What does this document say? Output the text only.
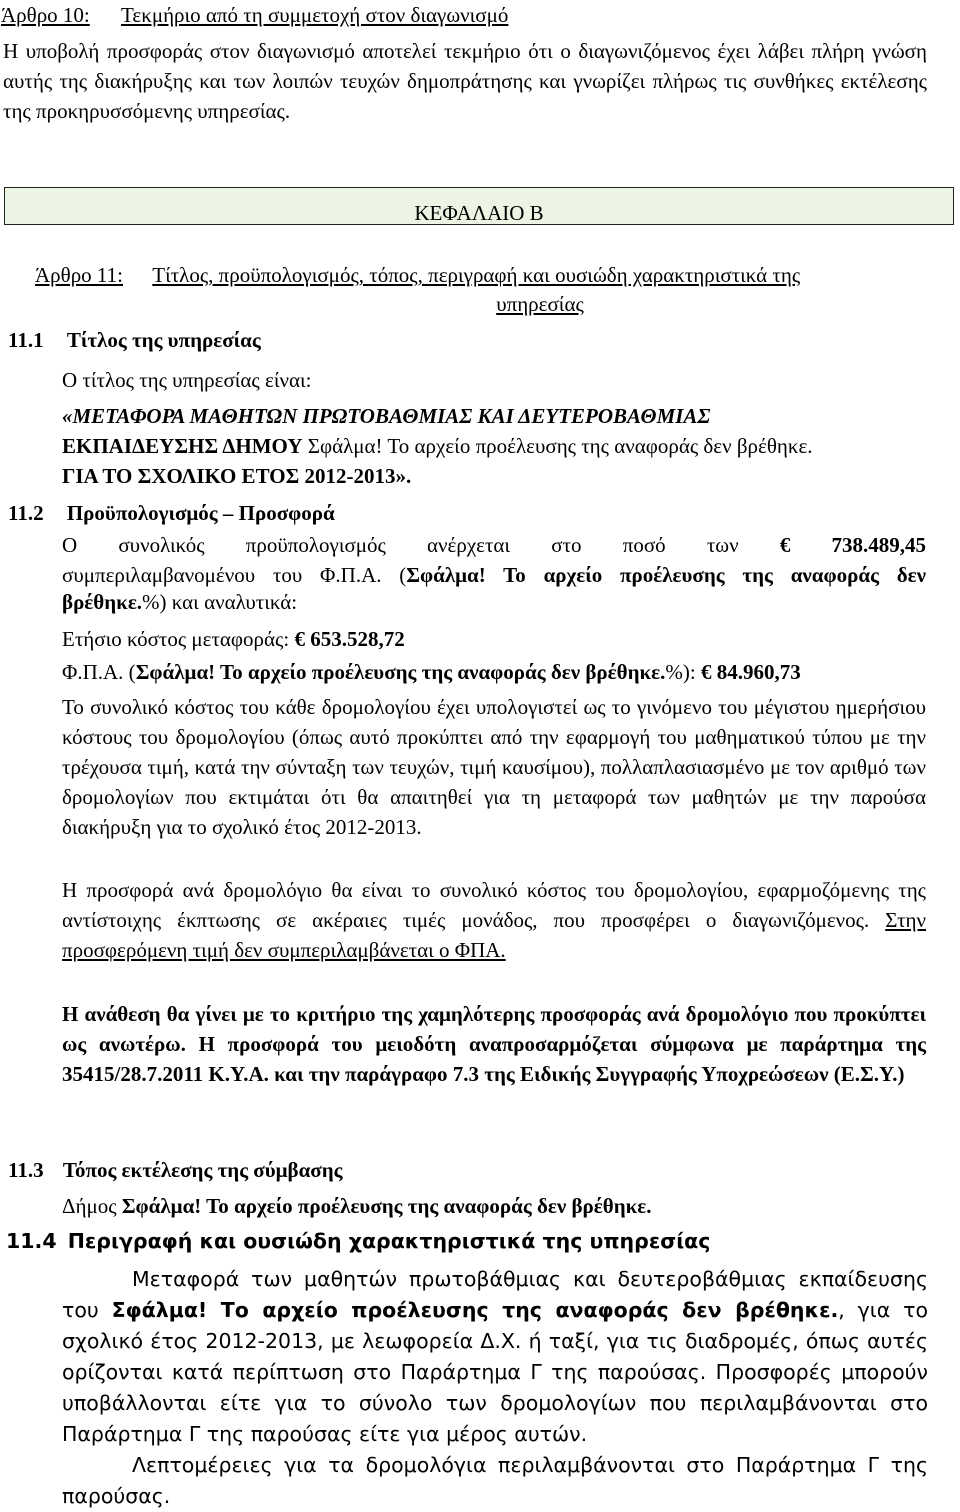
Άρθρο 10: Τεκμήριο από τη συμμετοχή στον διαγωνισμό

Η υποβολή προσφοράς στον διαγωνισμό αποτελεί τεκμήριο ότι ο διαγωνιζόμενος έχει λάβει πλήρη γνώση αυτής της διακήρυξης και των λοιπών τευχών δημοπράτησης και γνωρίζει πλήρως τις συνθήκες εκτέλεσης της προκηρυσσόμενης υπηρεσίας.

ΚΕΦΑΛΑΙΟ Β
Άρθρο 11: Τίτλος, προϋπολογισμός, τόπος, περιγραφή και ουσιώδη χαρακτηριστικά της
υπηρεσίας
11.1 Τίτλος της υπηρεσίας

Ο τίτλος της υπηρεσίας είναι:

«ΜΕΤΑΦΟΡΑ ΜΑΘΗΤΩΝ ΠΡΩΤΟΒΑΘΜΙΑΣ ΚΑΙ ΔΕΥΤΕΡΟΒΑΘΜΙΑΣ

ΕΚΠΑΙΔΕΥΣΗΣ ΔΗΜΟΥ Σφάλμα! Το αρχείο προέλευσης της αναφοράς δεν βρέθηκε.

ΓΙΑ ΤΟ ΣΧΟΛΙΚΟ ΕΤΟΣ 2012-2013».

11.2 Προϋπολογισμός – Προσφορά
Ο συνολικός προϋπολογισμός ανέρχεται στο ποσό των € 738.489,45
συμπεριλαμβανομένου του Φ.Π.Α. (Σφάλμα! Το αρχείο προέλευσης της αναφοράς δεν
βρέθηκε.%) και αναλυτικά:
Ετήσιο κόστος μεταφοράς: € 653.528,72
Φ.Π.Α. (Σφάλμα! Το αρχείο προέλευσης της αναφοράς δεν βρέθηκε.%): € 84.960,73

Το συνολικό κόστος του κάθε δρομολογίου έχει υπολογιστεί ως το γινόμενο του μέγιστου ημερήσιου κόστους του δρομολογίου (όπως αυτό προκύπτει από την εφαρμογή του μαθηματικού τύπου με την τρέχουσα τιμή, κατά την σύνταξη των τευχών, τιμή καυσίμου), πολλαπλασιασμένο με τον αριθμό των δρομολογίων που εκτιμάται ότι θα απαιτηθεί για τη μεταφορά των μαθητών με την παρούσα διακήρυξη για το σχολικό έτος 2012-2013.

Η προσφορά ανά δρομολόγιο θα είναι το συνολικό κόστος του δρομολογίου, εφαρμοζόμενης της αντίστοιχης έκπτωσης σε ακέραιες τιμές μονάδος, που προσφέρει ο διαγωνιζόμενος. Στην προσφερόμενη τιμή δεν συμπεριλαμβάνεται ο ΦΠΑ.

Η ανάθεση θα γίνει με το κριτήριο της χαμηλότερης προσφοράς ανά δρομολόγιο που προκύπτει ως ανωτέρω. Η προσφορά του μειοδότη αναπροσαρμόζεται σύμφωνα με παράρτημα της 35415/28.7.2011 Κ.Υ.Α. και την παράγραφο 7.3 της Ειδικής Συγγραφής Υποχρεώσεων (Ε.Σ.Υ.)

11.3 Τόπος εκτέλεσης της σύμβασης
Δήμος Σφάλμα! Το αρχείο προέλευσης της αναφοράς δεν βρέθηκε.
11.4 Περιγραφή και ουσιώδη χαρακτηριστικά της υπηρεσίας

Μεταφορά των μαθητών πρωτοβάθμιας και δευτεροβάθμιας εκπαίδευσης του Σφάλμα! Το αρχείο προέλευσης της αναφοράς δεν βρέθηκε., για το σχολικό έτος 2012-2013, με λεωφορεία Δ.Χ. ή ταξί, για τις διαδρομές, όπως αυτές ορίζονται κατά περίπτωση στο Παράρτημα Γ της παρούσας. Προσφορές μπορούν υποβάλλονται είτε για το σύνολο των δρομολογίων που περιλαμβάνονται στο Παράρτημα Γ της παρούσας είτε για μέρος αυτών.

Λεπτομέρειες για τα δρομολόγια περιλαμβάνονται στο Παράρτημα Γ της παρούσας.
